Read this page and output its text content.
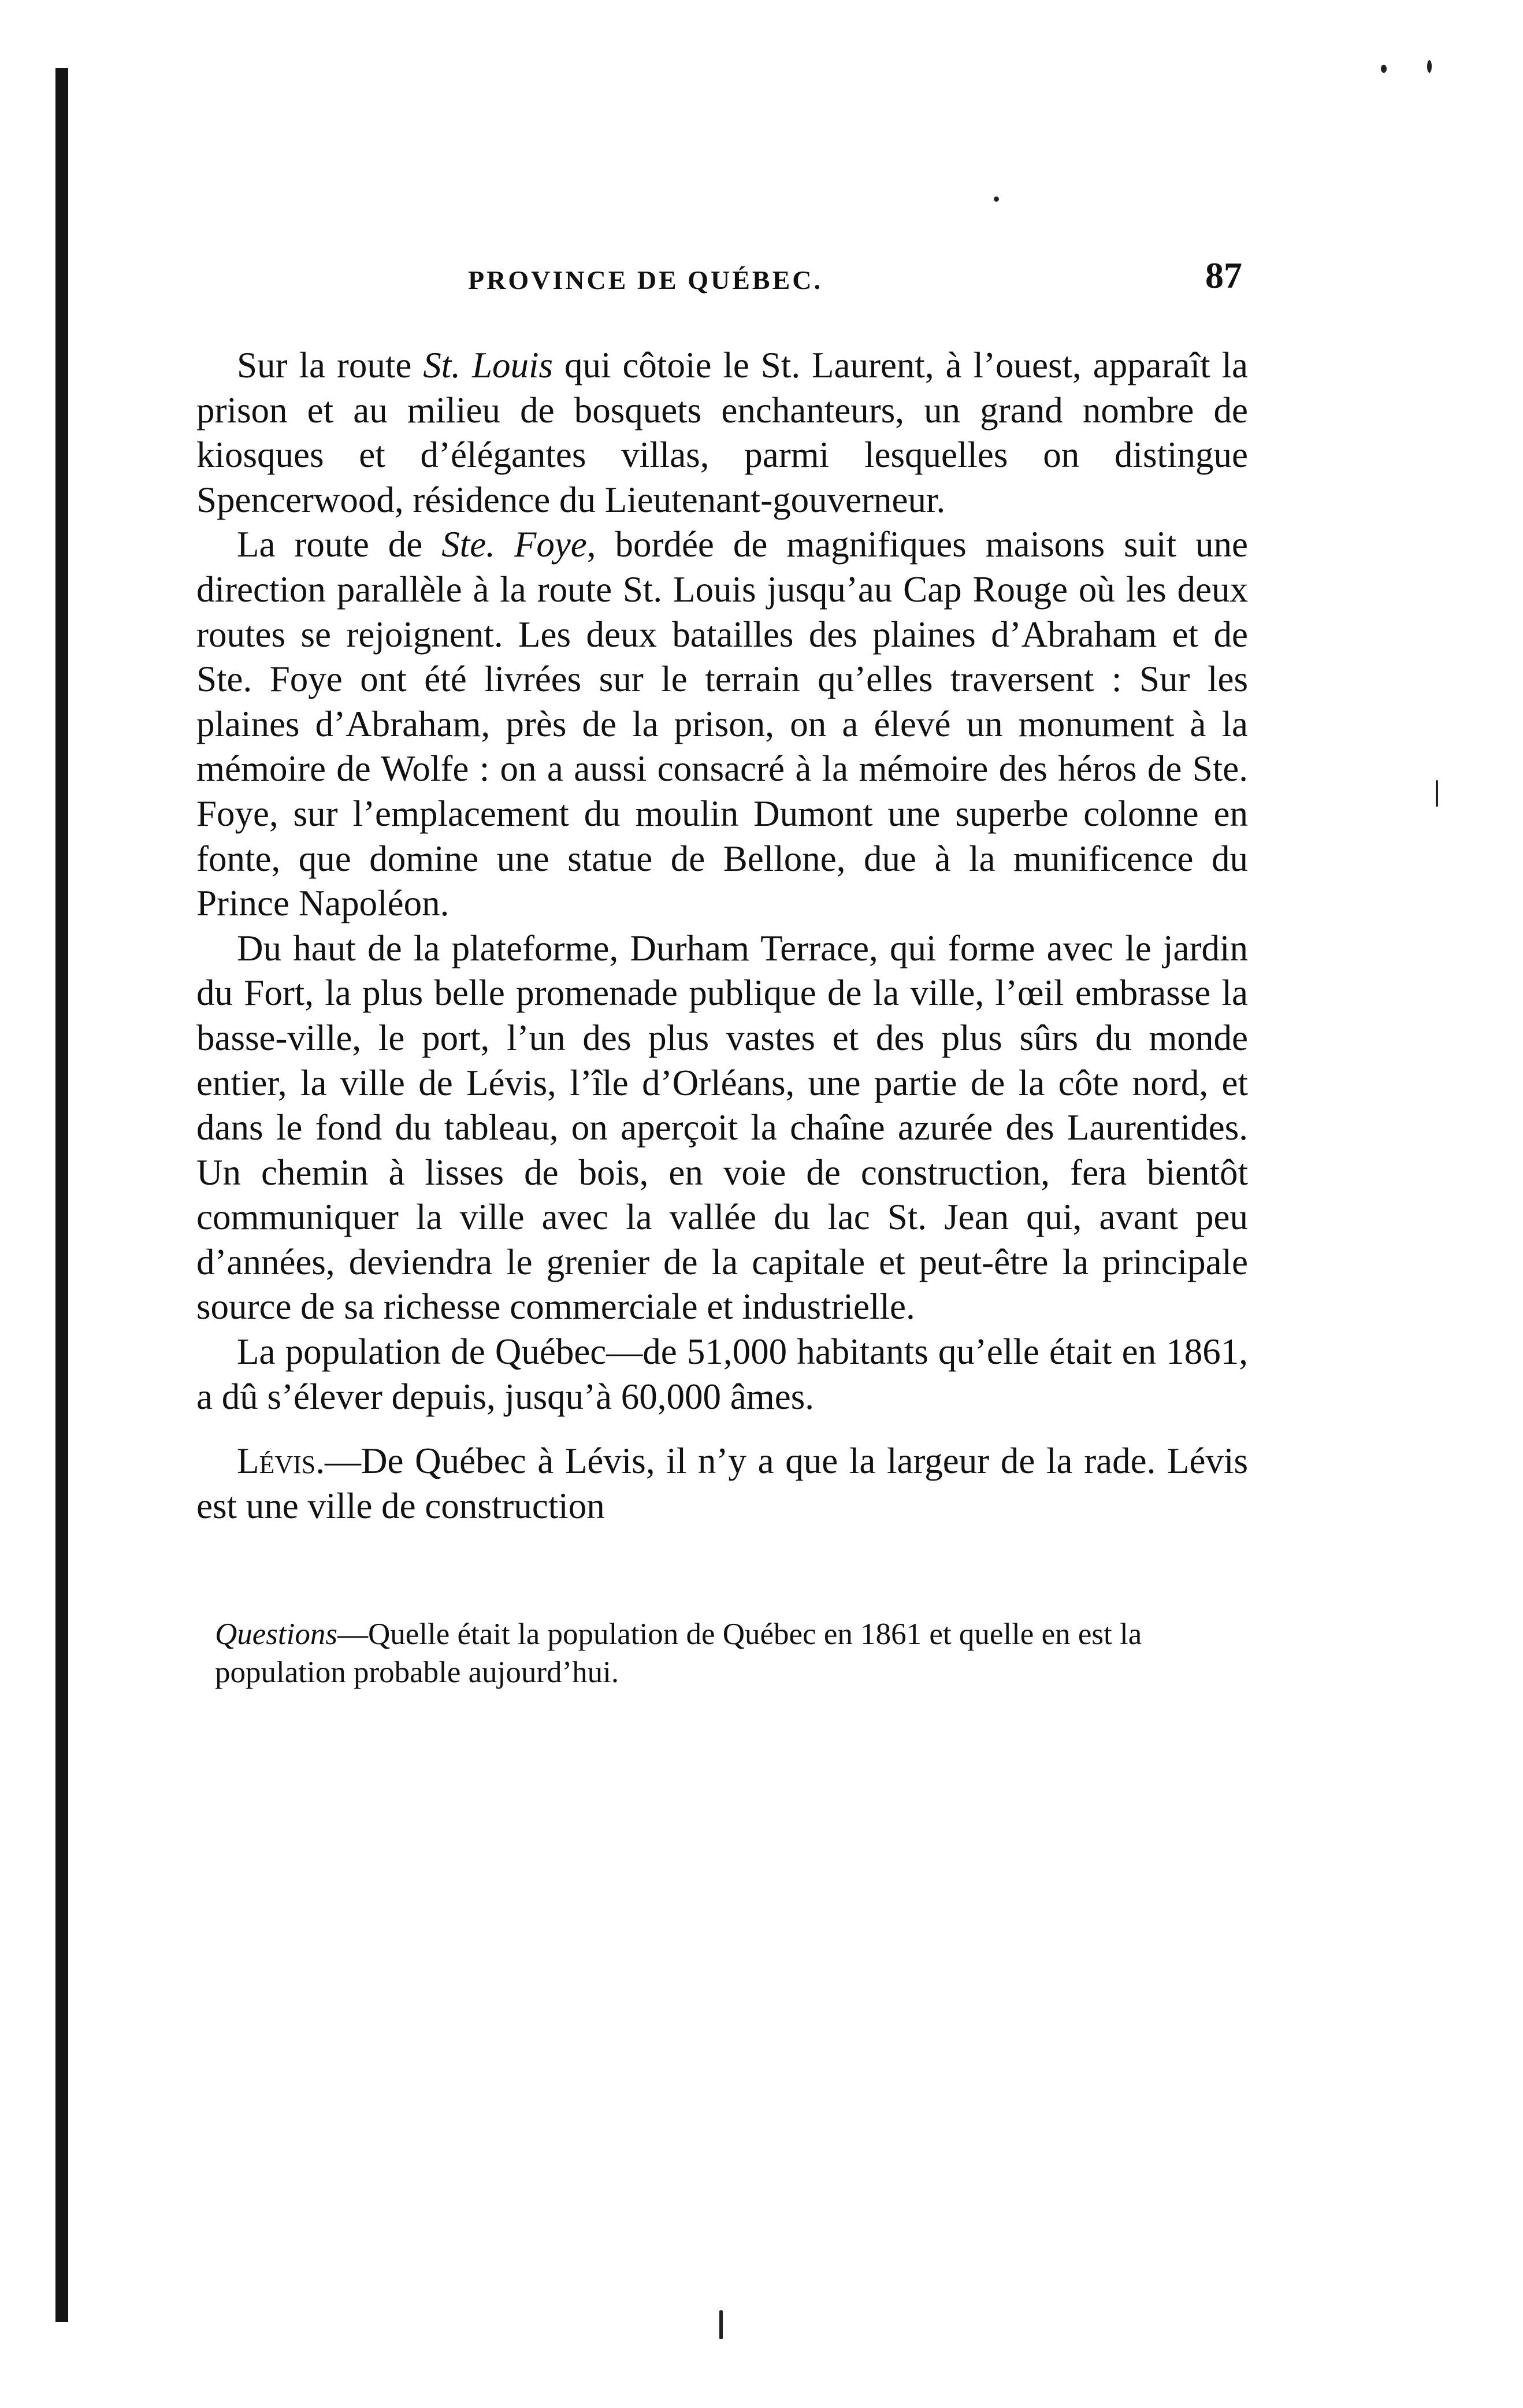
PROVINCE DE QUÉBEC.	87

Sur la route St. Louis qui côtoie le St. Laurent, à l’ouest, apparaît la prison et au milieu de bosquets enchanteurs, un grand nombre de kiosques et d’élégantes villas, parmi lesquelles on distingue Spencerwood, résidence du Lieutenant-gouverneur.

La route de Ste. Foye, bordée de magnifiques maisons suit une direction parallèle à la route St. Louis jusqu’au Cap Rouge où les deux routes se rejoignent. Les deux batailles des plaines d’Abraham et de Ste. Foye ont été livrées sur le terrain qu’elles traversent : Sur les plaines d’Abraham, près de la prison, on a élevé un monument à la mémoire de Wolfe : on a aussi consacré à la mémoire des héros de Ste. Foye, sur l’emplacement du moulin Dumont une superbe colonne en fonte, que domine une statue de Bellone, due à la munificence du Prince Napoléon.

Du haut de la plateforme, Durham Terrace, qui forme avec le jardin du Fort, la plus belle promenade publique de la ville, l’œil embrasse la basse-ville, le port, l’un des plus vastes et des plus sûrs du monde entier, la ville de Lévis, l’île d’Orléans, une partie de la côte nord, et dans le fond du tableau, on aperçoit la chaîne azurée des Laurentides. Un chemin à lisses de bois, en voie de construction, fera bientôt communiquer la ville avec la vallée du lac St. Jean qui, avant peu d’années, deviendra le grenier de la capitale et peut-être la principale source de sa richesse commerciale et industrielle.

La population de Québec—de 51,000 habitants qu’elle était en 1861, a dû s’élever depuis, jusqu’à 60,000 âmes.

Lévis.—De Québec à Lévis, il n’y a que la largeur de la rade. Lévis est une ville de construction

Questions—Quelle était la population de Québec en 1861 et quelle en est la population probable aujourd’hui.
